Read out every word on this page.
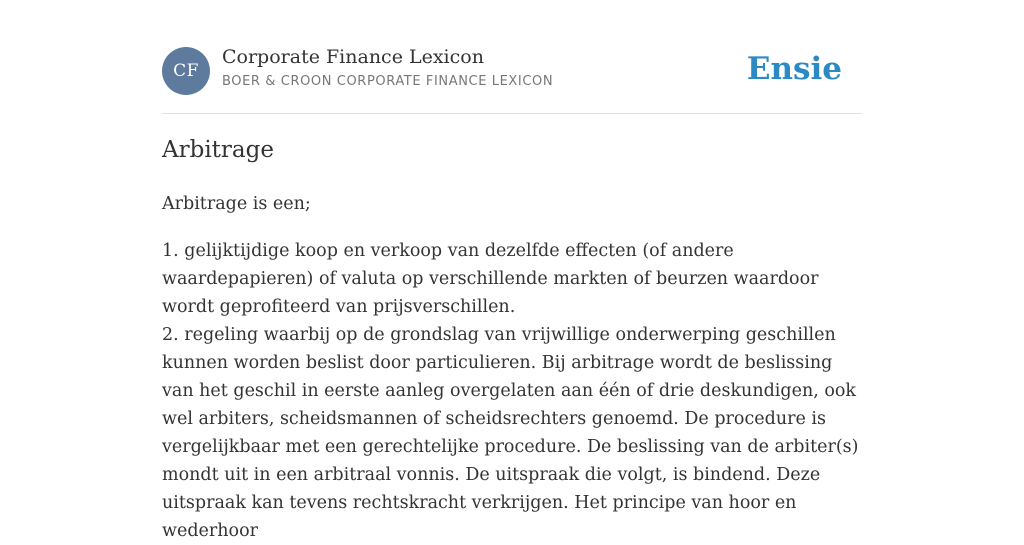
CF
Corporate Finance Lexicon
BOER & CROON CORPORATE FINANCE LEXICON	Ensie
Arbitrage

Arbitrage is een;

1. gelijktijdige koop en verkoop van dezelfde effecten (of andere waardepapieren) of valuta op verschillende markten of beurzen waardoor wordt geprofiteerd van prijsverschillen.

2. regeling waarbij op de grondslag van vrijwillige onderwerping geschillen kunnen worden beslist door particulieren. Bij arbitrage wordt de beslissing van het geschil in eerste aanleg overgelaten aan één of drie deskundigen, ook wel arbiters, scheidsmannen of scheidsrechters genoemd. De procedure is vergelijkbaar met een gerechtelijke procedure. De beslissing van de arbiter(s) mondt uit in een arbitraal vonnis. De uitspraak die volgt, is bindend. Deze uitspraak kan tevens rechtskracht verkrijgen. Het principe van hoor en wederhoor
